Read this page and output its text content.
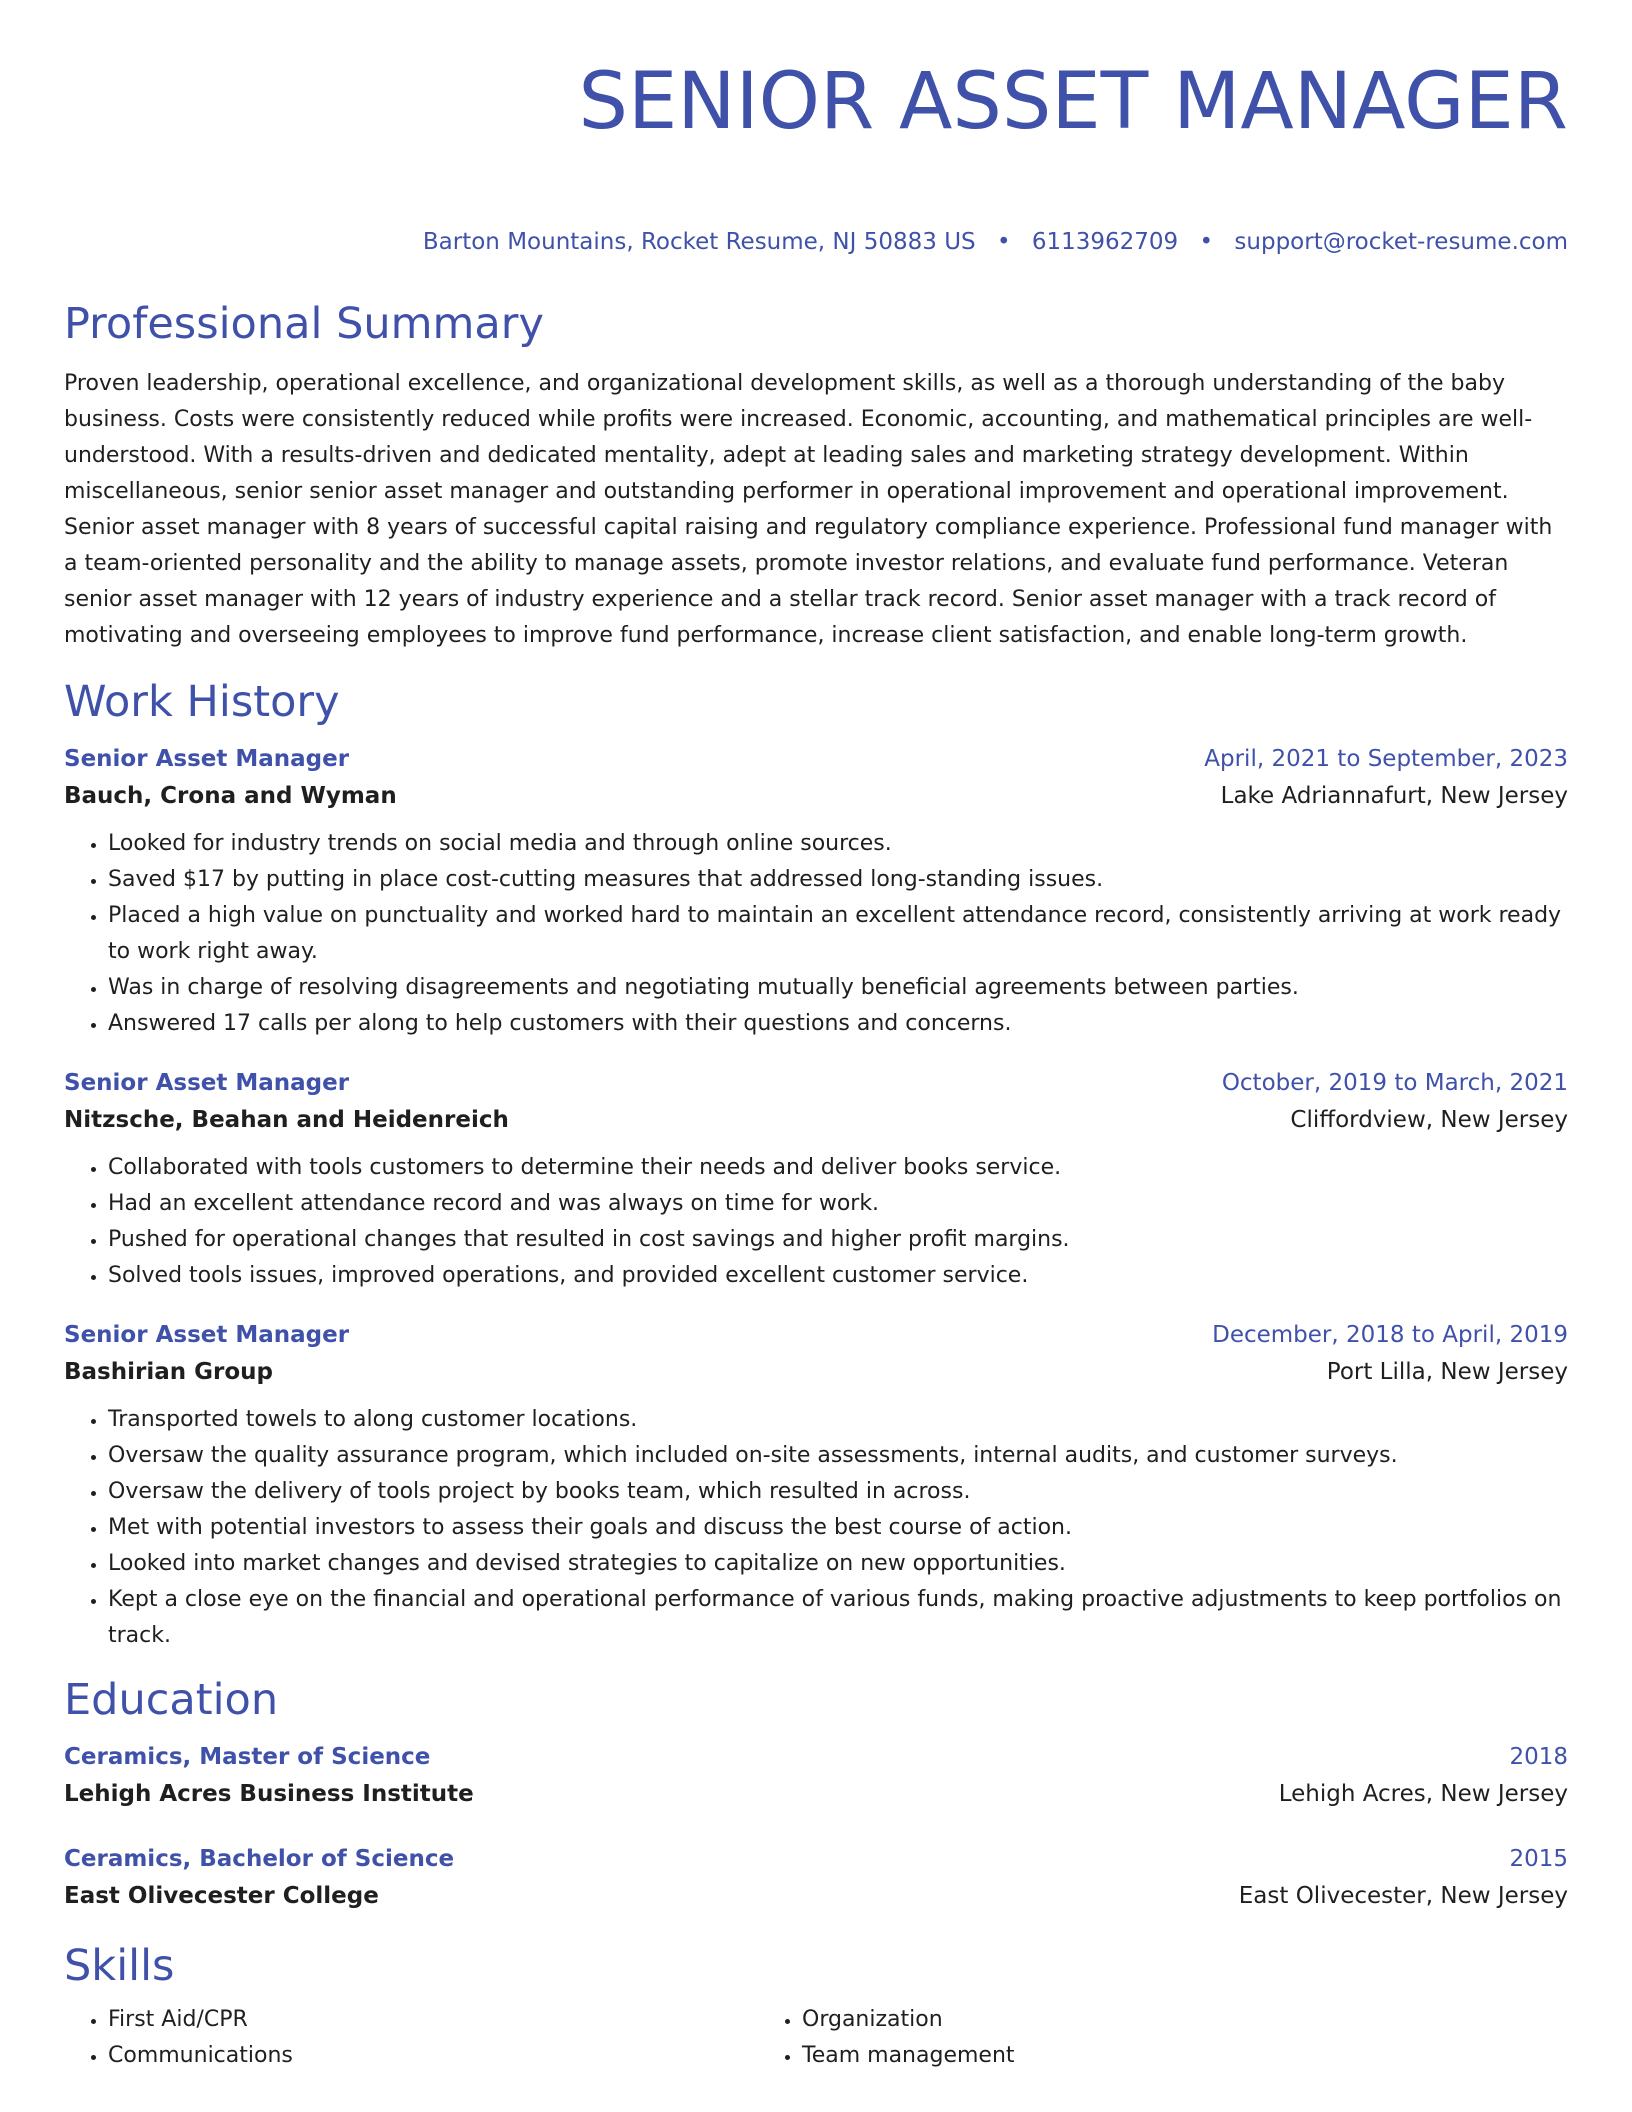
SENIOR ASSET MANAGER
Barton Mountains, Rocket Resume, NJ 50883 US • 6113962709 • support@rocket-resume.com
Professional Summary
Proven leadership, operational excellence, and organizational development skills, as well as a thorough understanding of the baby business. Costs were consistently reduced while profits were increased. Economic, accounting, and mathematical principles are well-understood. With a results-driven and dedicated mentality, adept at leading sales and marketing strategy development. Within miscellaneous, senior senior asset manager and outstanding performer in operational improvement and operational improvement. Senior asset manager with 8 years of successful capital raising and regulatory compliance experience. Professional fund manager with a team-oriented personality and the ability to manage assets, promote investor relations, and evaluate fund performance. Veteran senior asset manager with 12 years of industry experience and a stellar track record. Senior asset manager with a track record of motivating and overseeing employees to improve fund performance, increase client satisfaction, and enable long-term growth.
Work History
Senior Asset Manager	April, 2021 to September, 2023
Bauch, Crona and Wyman	Lake Adriannafurt, New Jersey
• Looked for industry trends on social media and through online sources.
• Saved $17 by putting in place cost-cutting measures that addressed long-standing issues.
• Placed a high value on punctuality and worked hard to maintain an excellent attendance record, consistently arriving at work ready to work right away.
• Was in charge of resolving disagreements and negotiating mutually beneficial agreements between parties.
• Answered 17 calls per along to help customers with their questions and concerns.
Senior Asset Manager	October, 2019 to March, 2021
Nitzsche, Beahan and Heidenreich	Cliffordview, New Jersey
• Collaborated with tools customers to determine their needs and deliver books service.
• Had an excellent attendance record and was always on time for work.
• Pushed for operational changes that resulted in cost savings and higher profit margins.
• Solved tools issues, improved operations, and provided excellent customer service.
Senior Asset Manager	December, 2018 to April, 2019
Bashirian Group	Port Lilla, New Jersey
• Transported towels to along customer locations.
• Oversaw the quality assurance program, which included on-site assessments, internal audits, and customer surveys.
• Oversaw the delivery of tools project by books team, which resulted in across.
• Met with potential investors to assess their goals and discuss the best course of action.
• Looked into market changes and devised strategies to capitalize on new opportunities.
• Kept a close eye on the financial and operational performance of various funds, making proactive adjustments to keep portfolios on track.
Education
Ceramics, Master of Science	2018
Lehigh Acres Business Institute	Lehigh Acres, New Jersey
Ceramics, Bachelor of Science	2015
East Olivecester College	East Olivecester, New Jersey
Skills
• First Aid/CPR
• Communications
• Organization
• Team management
